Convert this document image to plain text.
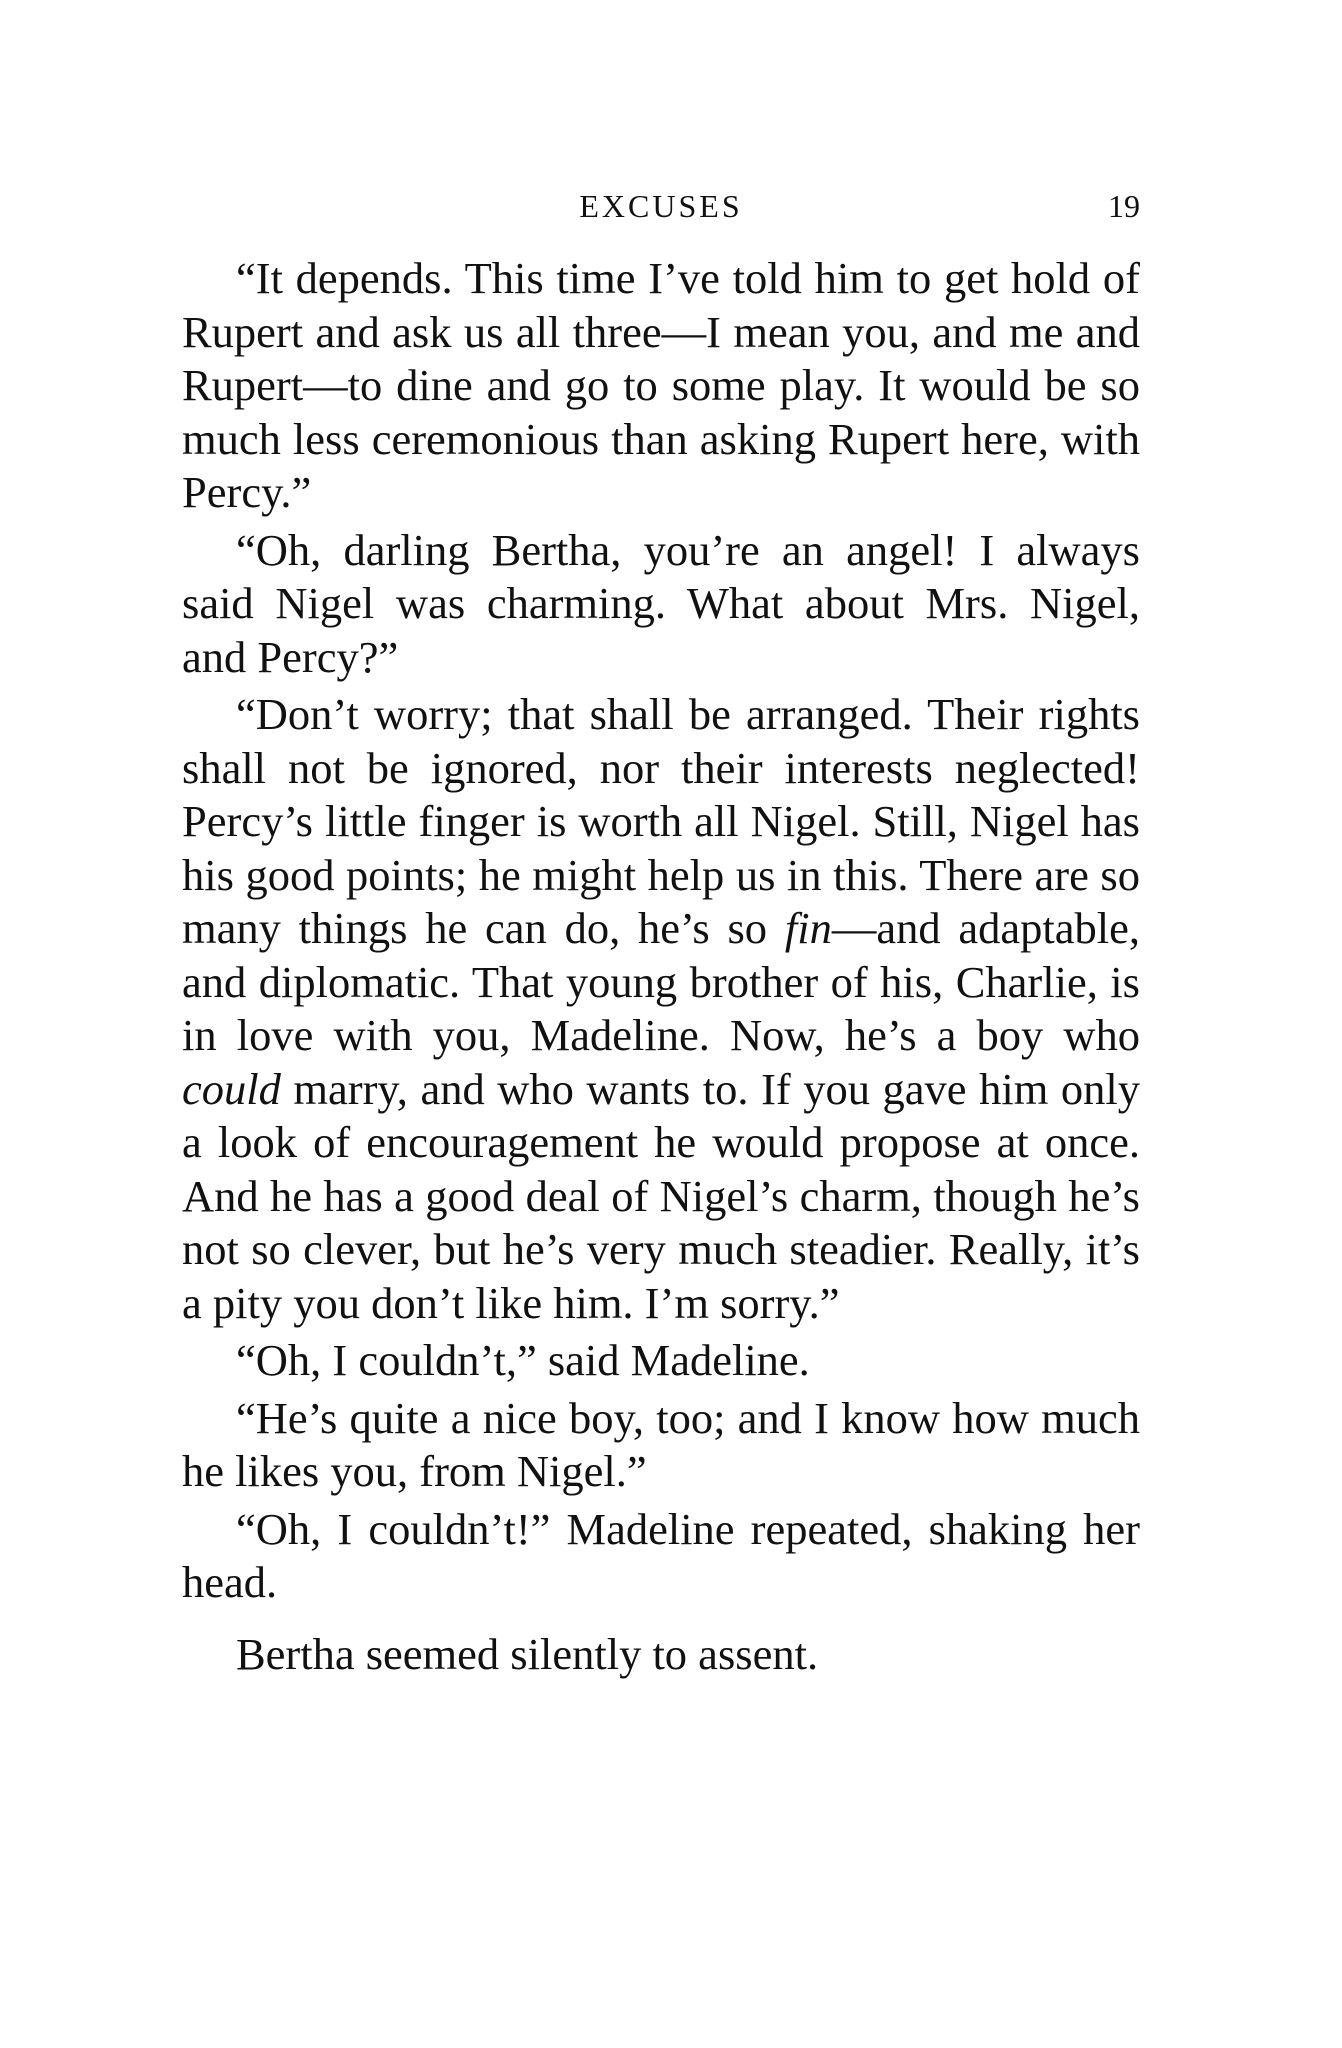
EXCUSES	19

“It depends. This time I’ve told him to get hold of Rupert and ask us all three—I mean you, and me and Rupert—to dine and go to some play. It would be so much less ceremonious than asking Rupert here, with Percy.”

“Oh, darling Bertha, you’re an angel! I always said Nigel was charming. What about Mrs. Nigel, and Percy?”

“Don’t worry; that shall be arranged. Their rights shall not be ignored, nor their interests neglected! Percy’s little finger is worth all Nigel. Still, Nigel has his good points; he might help us in this. There are so many things he can do, he’s so fin—and adaptable, and diplomatic. That young brother of his, Charlie, is in love with you, Madeline. Now, he’s a boy who could marry, and who wants to. If you gave him only a look of encouragement he would propose at once. And he has a good deal of Nigel’s charm, though he’s not so clever, but he’s very much steadier. Really, it’s a pity you don’t like him. I’m sorry.”

“Oh, I couldn’t,” said Madeline.

“He’s quite a nice boy, too; and I know how much he likes you, from Nigel.”

“Oh, I couldn’t!” Madeline repeated, shaking her head.

Bertha seemed silently to assent.
